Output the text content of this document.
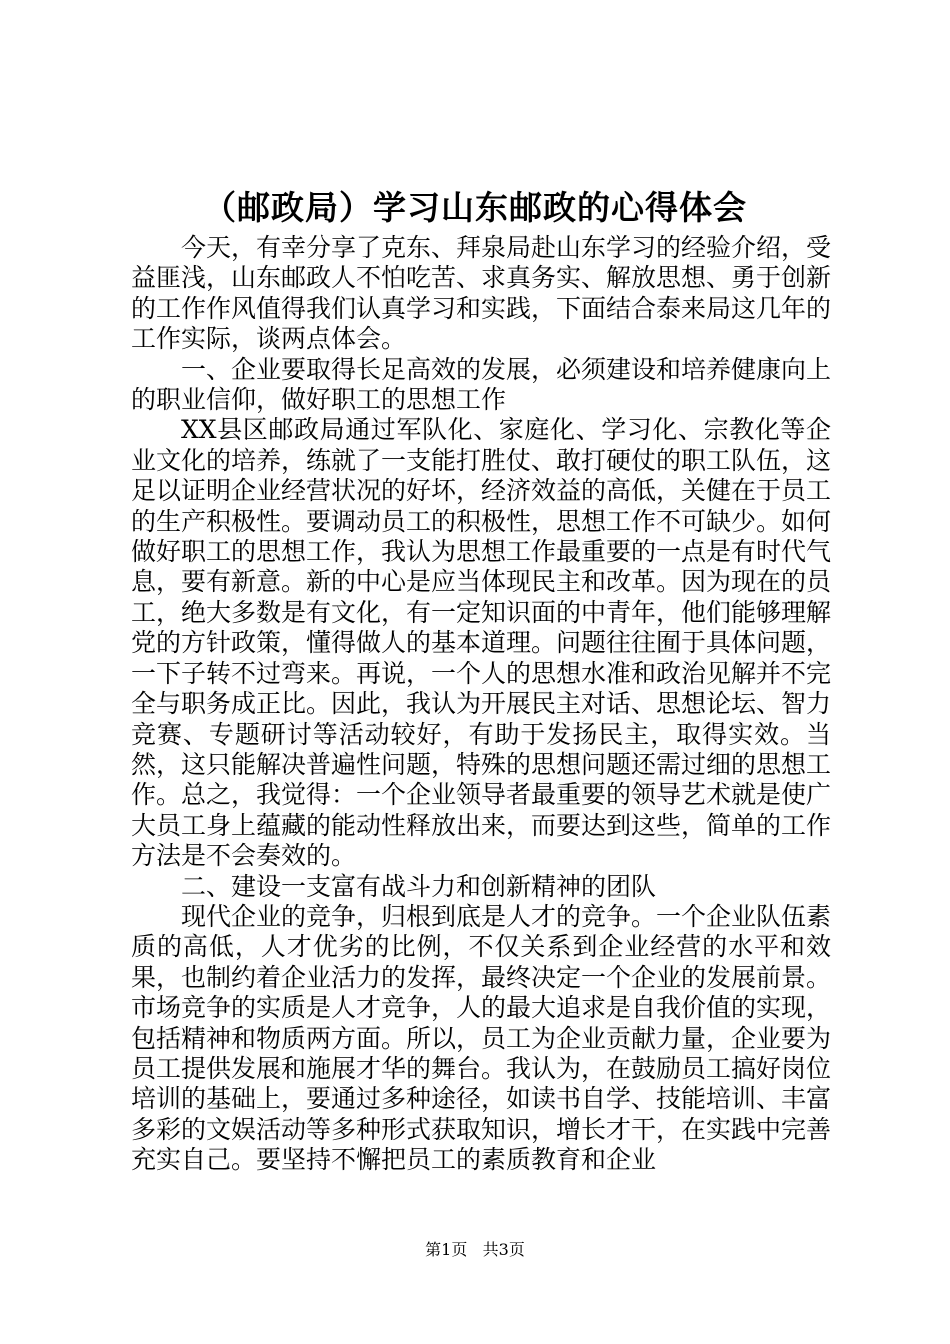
（邮政局）学习山东邮政的心得体会

今天，有幸分享了克东、拜泉局赴山东学习的经验介绍，受益匪浅，山东邮政人不怕吃苦、求真务实、解放思想、勇于创新的工作作风值得我们认真学习和实践，下面结合泰来局这几年的工作实际，谈两点体会。

一、企业要取得长足高效的发展，必须建设和培养健康向上的职业信仰，做好职工的思想工作

XX县区邮政局通过军队化、家庭化、学习化、宗教化等企业文化的培养，练就了一支能打胜仗、敢打硬仗的职工队伍，这足以证明企业经营状况的好坏，经济效益的高低，关健在于员工的生产积极性。要调动员工的积极性，思想工作不可缺少。如何做好职工的思想工作，我认为思想工作最重要的一点是有时代气息，要有新意。新的中心是应当体现民主和改革。因为现在的员工，绝大多数是有文化，有一定知识面的中青年，他们能够理解党的方针政策，懂得做人的基本道理。问题往往囿于具体问题，一下子转不过弯来。再说，一个人的思想水准和政治见解并不完全与职务成正比。因此，我认为开展民主对话、思想论坛、智力竞赛、专题研讨等活动较好，有助于发扬民主，取得实效。当然，这只能解决普遍性问题，特殊的思想问题还需过细的思想工作。总之，我觉得：一个企业领导者最重要的领导艺术就是使广大员工身上蕴藏的能动性释放出来，而要达到这些，简单的工作方法是不会奏效的。

二、建设一支富有战斗力和创新精神的团队

现代企业的竞争，归根到底是人才的竞争。一个企业队伍素质的高低，人才优劣的比例，不仅关系到企业经营的水平和效果，也制约着企业活力的发挥，最终决定一个企业的发展前景。市场竞争的实质是人才竞争，人的最大追求是自我价值的实现，包括精神和物质两方面。所以，员工为企业贡献力量，企业要为员工提供发展和施展才华的舞台。我认为，在鼓励员工搞好岗位培训的基础上，要通过多种途径，如读书自学、技能培训、丰富多彩的文娱活动等多种形式获取知识，增长才干，在实践中完善充实自己。要坚持不懈把员工的素质教育和企业

第1页 共3页
